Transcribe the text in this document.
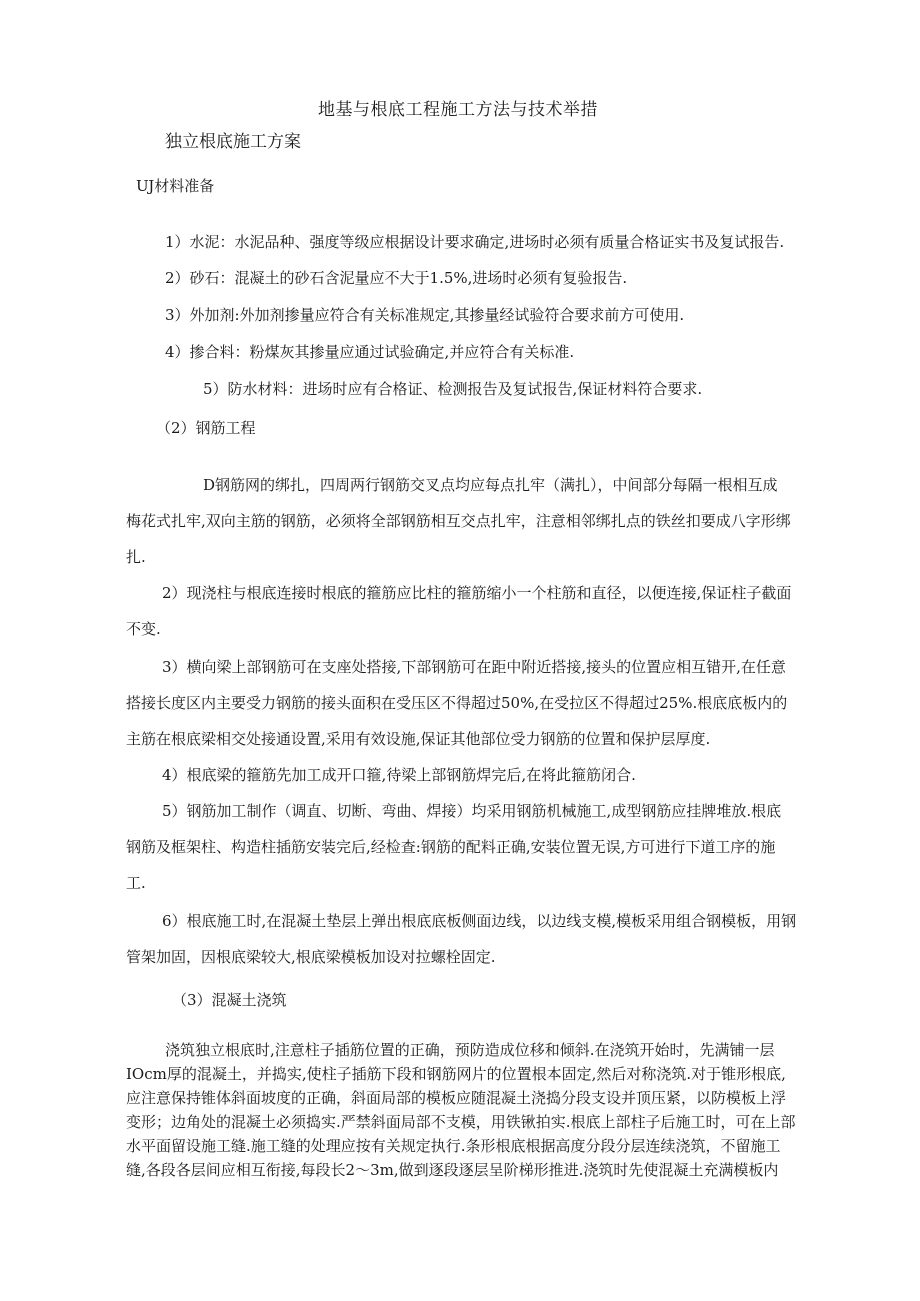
地基与根底工程施工方法与技术举措

独立根底施工方案

UJ材料准备

1）水泥：水泥品种、强度等级应根据设计要求确定,进场时必须有质量合格证实书及复试报告.

2）砂石：混凝土的砂石含泥量应不大于1.5%,进场时必须有复验报告.

3）外加剂:外加剂掺量应符合有关标准规定,其掺量经试验符合要求前方可使用.

4）掺合料：粉煤灰其掺量应通过试验确定,并应符合有关标准.

5）防水材料：进场时应有合格证、检测报告及复试报告,保证材料符合要求.

（2）钢筋工程

D钢筋网的绑扎，四周两行钢筋交叉点均应每点扎牢（满扎），中间部分每隔一根相互成

梅花式扎牢,双向主筋的钢筋，必须将全部钢筋相互交点扎牢，注意相邻绑扎点的铁丝扣要成八字形绑

扎.

2）现浇柱与根底连接时根底的箍筋应比柱的箍筋缩小一个柱筋和直径，以便连接,保证柱子截面

不变.

3）横向梁上部钢筋可在支座处搭接,下部钢筋可在距中附近搭接,接头的位置应相互错开,在任意

搭接长度区内主要受力钢筋的接头面积在受压区不得超过50%,在受拉区不得超过25%.根底底板内的

主筋在根底梁相交处接通设置,采用有效设施,保证其他部位受力钢筋的位置和保护层厚度.

4）根底梁的箍筋先加工成开口箍,待梁上部钢筋焊完后,在将此箍筋闭合.

5）钢筋加工制作（调直、切断、弯曲、焊接）均采用钢筋机械施工,成型钢筋应挂牌堆放.根底

钢筋及框架柱、构造柱插筋安装完后,经检查:钢筋的配料正确,安装位置无误,方可进行下道工序的施

工.

6）根底施工时,在混凝土垫层上弹出根底底板侧面边线，以边线支模,模板采用组合钢模板，用钢

管架加固，因根底梁较大,根底梁模板加设对拉螺栓固定.

（3）混凝土浇筑

浇筑独立根底时,注意柱子插筋位置的正确，预防造成位移和倾斜.在浇筑开始时，先满铺一层

IOcm厚的混凝土，并捣实,使柱子插筋下段和钢筋网片的位置根本固定,然后对称浇筑.对于锥形根底,

应注意保持锥体斜面坡度的正确，斜面局部的模板应随混凝土浇捣分段支设并顶压紧，以防模板上浮

变形；边角处的混凝土必须捣实.严禁斜面局部不支模，用铁锹拍实.根底上部柱子后施工时，可在上部

水平面留设施工缝.施工缝的处理应按有关规定执行.条形根底根据高度分段分层连续浇筑，不留施工

缝,各段各层间应相互衔接,每段长2～3m,做到逐段逐层呈阶梯形推进.浇筑时先使混凝土充满模板内
